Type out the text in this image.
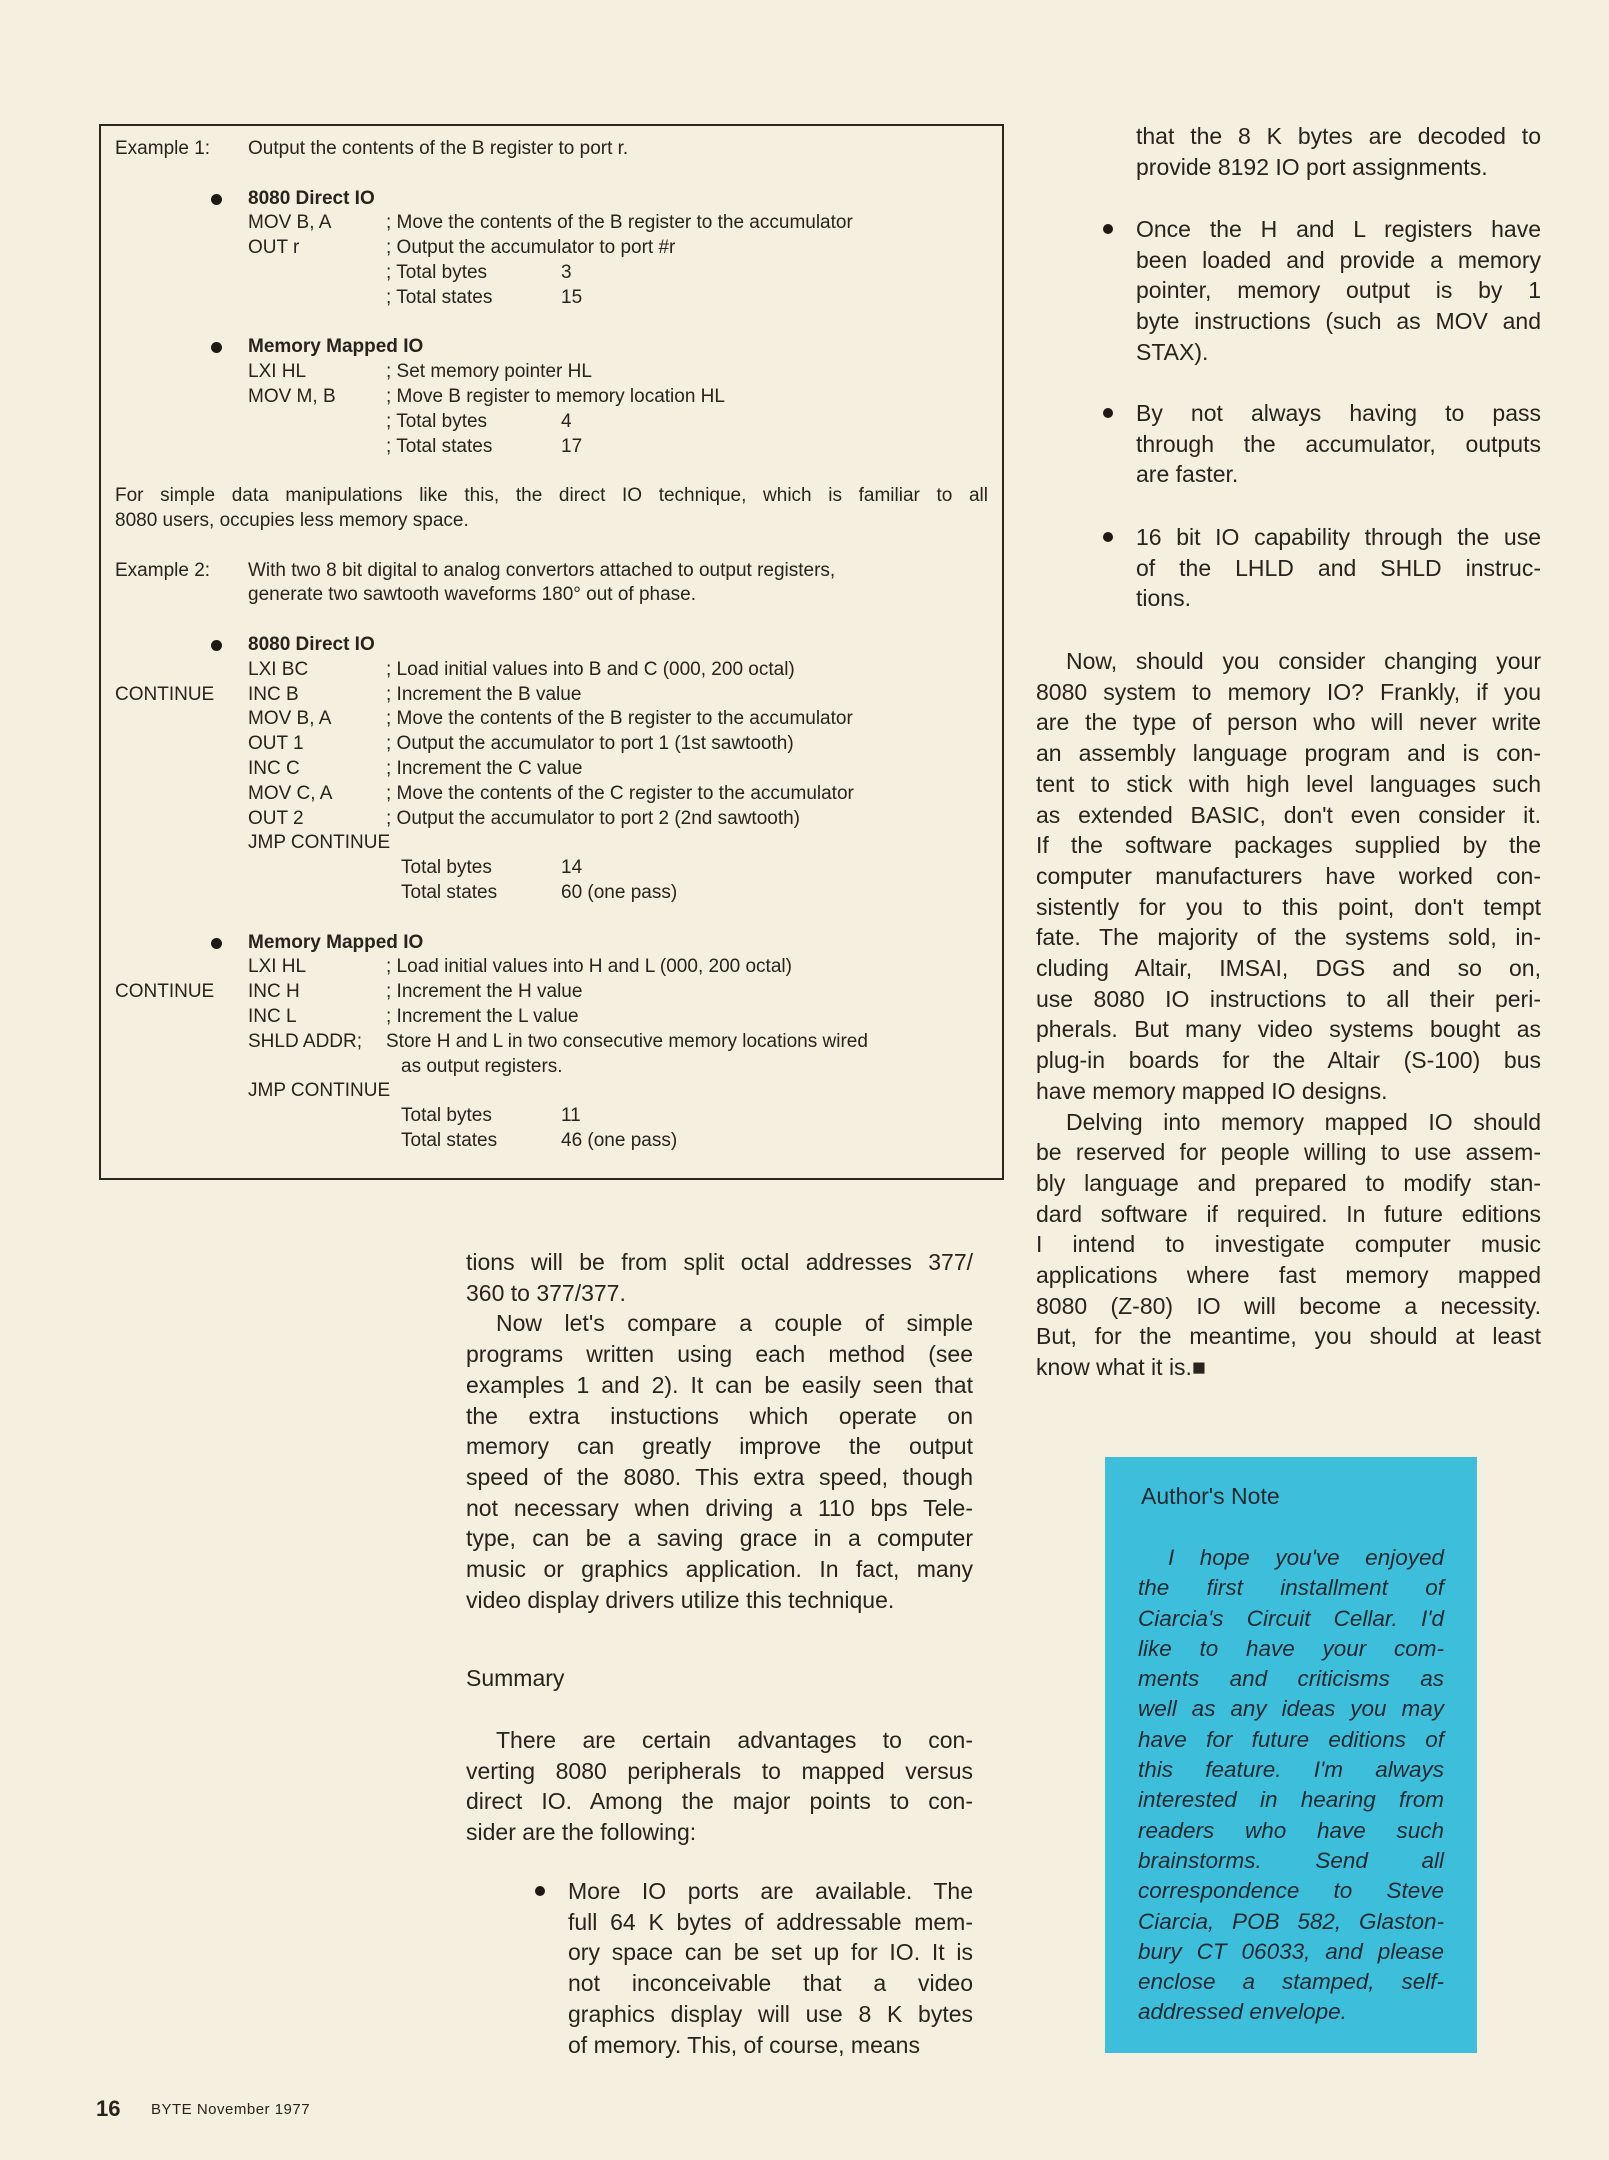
Example 1: Output the contents of the B register to port r.
8080 Direct IO
MOV B, A	; Move the contents of the B register to the accumulator
OUT r	; Output the accumulator to port #r
; Total bytes	3
; Total states	15
Memory Mapped IO
LXI HL	; Set memory pointer HL
MOV M, B	; Move B register to memory location HL
; Total bytes	4
; Total states	17
For simple data manipulations like this, the direct IO technique, which is familiar to all
8080 users, occupies less memory space.
Example 2: With two 8 bit digital to analog convertors attached to output registers,
generate two sawtooth waveforms 180° out of phase.
8080 Direct IO
LXI BC	; Load initial values into B and C (000, 200 octal)
CONTINUE INC B	; Increment the B value
MOV B, A	; Move the contents of the B register to the accumulator
OUT 1	; Output the accumulator to port 1 (1st sawtooth)
INC C	; Increment the C value
MOV C, A	; Move the contents of the C register to the accumulator
OUT 2	; Output the accumulator to port 2 (2nd sawtooth)
JMP CONTINUE
Total bytes	14
Total states	60 (one pass)
Memory Mapped IO
LXI HL	; Load initial values into H and L (000, 200 octal)
CONTINUE INC H	; Increment the H value
INC L	; Increment the L value
SHLD ADDR; Store H and L in two consecutive memory locations wired
as output registers.
JMP CONTINUE
Total bytes	11
Total states	46 (one pass)
tions will be from split octal addresses 377/
360 to 377/377.
Now let's compare a couple of simple
programs written using each method (see
examples 1 and 2). It can be easily seen that
the extra instuctions which operate on
memory can greatly improve the output
speed of the 8080. This extra speed, though
not necessary when driving a 110 bps Tele-
type, can be a saving grace in a computer
music or graphics application. In fact, many
video display drivers utilize this technique.
Summary
There are certain advantages to con-
verting 8080 peripherals to mapped versus
direct IO. Among the major points to con-
sider are the following:
More IO ports are available. The
full 64 K bytes of addressable mem-
ory space can be set up for IO. It is
not inconceivable that a video
graphics display will use 8 K bytes
of memory. This, of course, means
that the 8 K bytes are decoded to
provide 8192 IO port assignments.
Once the H and L registers have
been loaded and provide a memory
pointer, memory output is by 1
byte instructions (such as MOV and
STAX).
By not always having to pass
through the accumulator, outputs
are faster.
16 bit IO capability through the use
of the LHLD and SHLD instruc-
tions.
Now, should you consider changing your
8080 system to memory IO? Frankly, if you
are the type of person who will never write
an assembly language program and is con-
tent to stick with high level languages such
as extended BASIC, don't even consider it.
If the software packages supplied by the
computer manufacturers have worked con-
sistently for you to this point, don't tempt
fate. The majority of the systems sold, in-
cluding Altair, IMSAI, DGS and so on,
use 8080 IO instructions to all their peri-
pherals. But many video systems bought as
plug-in boards for the Altair (S-100) bus
have memory mapped IO designs.
Delving into memory mapped IO should
be reserved for people willing to use assem-
bly language and prepared to modify stan-
dard software if required. In future editions
I intend to investigate computer music
applications where fast memory mapped
8080 (Z-80) IO will become a necessity.
But, for the meantime, you should at least
know what it is.■
Author's Note
I hope you've enjoyed
the first installment of
Ciarcia's Circuit Cellar. I'd
like to have your com-
ments and criticisms as
well as any ideas you may
have for future editions of
this feature. I'm always
interested in hearing from
readers who have such
brainstorms. Send all
correspondence to Steve
Ciarcia, POB 582, Glaston-
bury CT 06033, and please
enclose a stamped, self-
addressed envelope.
16 BYTE November 1977
